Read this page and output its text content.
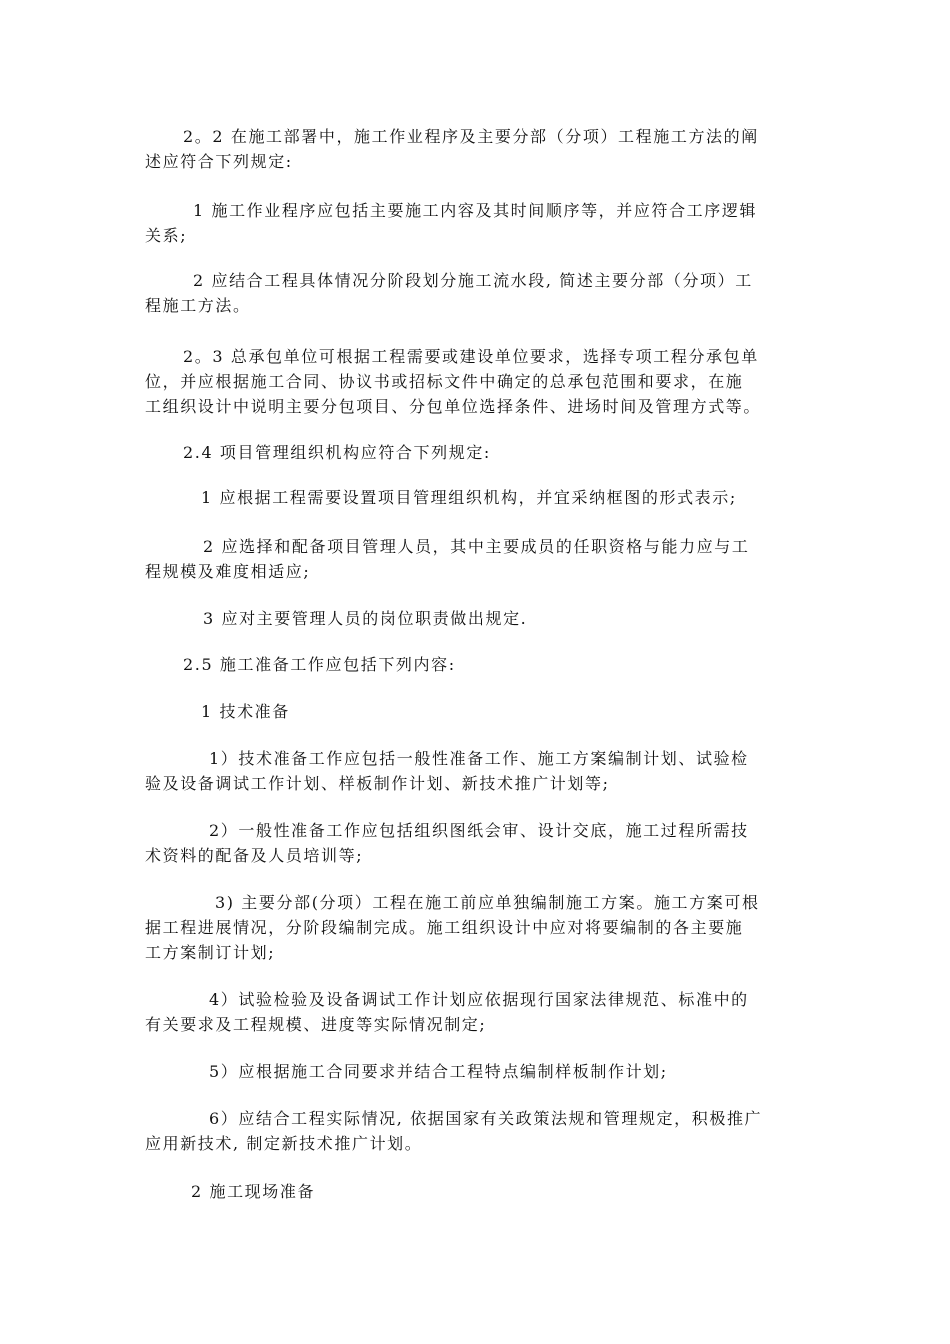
2。2 在施工部署中，施工作业程序及主要分部（分项）工程施工方法的阐
述应符合下列规定:

1 施工作业程序应包括主要施工内容及其时间顺序等，并应符合工序逻辑
关系;

2 应结合工程具体情况分阶段划分施工流水段, 简述主要分部（分项）工
程施工方法。

2。3 总承包单位可根据工程需要或建设单位要求，选择专项工程分承包单
位，并应根据施工合同、协议书或招标文件中确定的总承包范围和要求，在施
工组织设计中说明主要分包项目、分包单位选择条件、进场时间及管理方式等。

2.4 项目管理组织机构应符合下列规定:

1 应根据工程需要设置项目管理组织机构，并宜采纳框图的形式表示;

2 应选择和配备项目管理人员，其中主要成员的任职资格与能力应与工
程规模及难度相适应;

3 应对主要管理人员的岗位职责做出规定.

2.5 施工准备工作应包括下列内容:

1 技术准备

1）技术准备工作应包括一般性准备工作、施工方案编制计划、试验检
验及设备调试工作计划、样板制作计划、新技术推广计划等;

2）一般性准备工作应包括组织图纸会审、设计交底，施工过程所需技
术资料的配备及人员培训等;

3) 主要分部(分项）工程在施工前应单独编制施工方案。施工方案可根
据工程进展情况，分阶段编制完成。施工组织设计中应对将要编制的各主要施
工方案制订计划;

4）试验检验及设备调试工作计划应依据现行国家法律规范、标准中的
有关要求及工程规模、进度等实际情况制定;

5）应根据施工合同要求并结合工程特点编制样板制作计划;

6）应结合工程实际情况, 依据国家有关政策法规和管理规定，积极推广
应用新技术, 制定新技术推广计划。

2 施工现场准备
